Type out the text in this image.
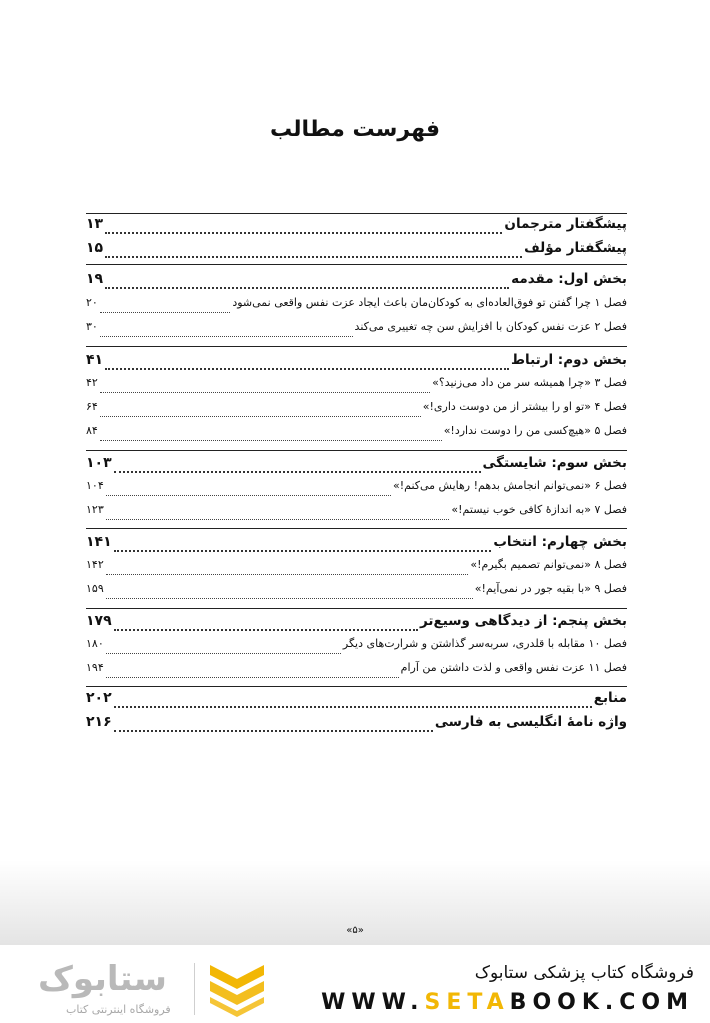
فهرست مطالب
پیشگفتار مترجمان
۱۳
پیشگفتار مؤلف
۱۵
بخش اول: مقدمه
۱۹
فصل ۱ چرا گفتن تو فوق‌العاده‌ای به کودکان‌مان باعث ایجاد عزت نفس واقعی نمی‌شود
۲۰
فصل ۲ عزت نفس کودکان با افزایش سن چه تغییری می‌کند
۳۰
بخش دوم: ارتباط
۴۱
فصل ۳ «چرا همیشه سر من داد می‌زنید؟»
۴۲
فصل ۴ «تو او را بیشتر از من دوست داری!»
۶۴
فصل ۵ «هیچ‌کسی من را دوست ندارد!»
۸۴
بخش سوم: شایستگی
۱۰۳
فصل ۶ «نمی‌توانم انجامش بدهم! رهایش می‌کنم!»
۱۰۴
فصل ۷ «به اندازهٔ کافی خوب نیستم!»
۱۲۳
بخش چهارم: انتخاب
۱۴۱
فصل ۸ «نمی‌توانم تصمیم بگیرم!»
۱۴۲
فصل ۹ «با بقیه جور در نمی‌آیم!»
۱۵۹
بخش پنجم: از دیدگاهی وسیع‌تر
۱۷۹
فصل ۱۰ مقابله با قلدری، سربه‌سر گذاشتن و شرارت‌های دیگر
۱۸۰
فصل ۱۱ عزت نفس واقعی و لذت داشتن من آرام
۱۹۴
منابع
۲۰۲
واژه نامهٔ انگلیسی به فارسی
۲۱۶
«۵»
ستابوک
فروشگاه اینترنتی کتاب
فروشگاه کتاب پزشکی ستابوک
WWW.SETABOOK.COM
